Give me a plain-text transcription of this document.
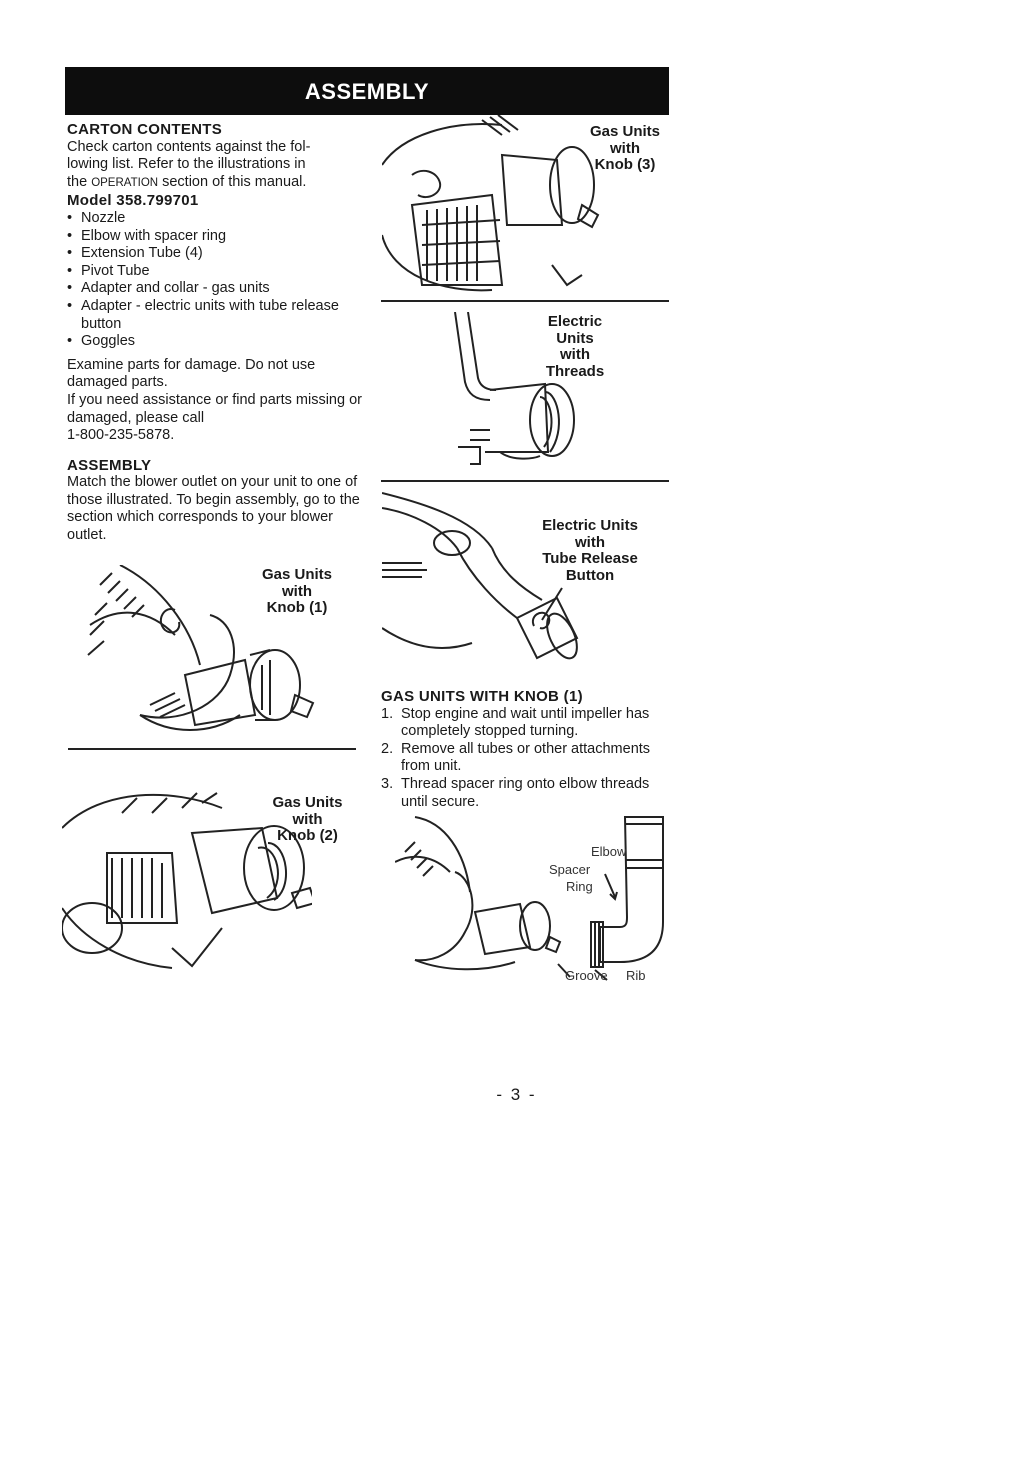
ASSEMBLY
CARTON CONTENTS
Check carton contents against the fol-
lowing list. Refer to the illustrations in
the OPERATION section of this manual.
Model 358.799701
• Nozzle
• Elbow with spacer ring
• Extension Tube (4)
• Pivot Tube
• Adapter and collar - gas units
• Adapter - electric units with tube release button
• Goggles
Examine parts for damage. Do not use damaged parts.
If you need assistance or find parts missing or damaged, please call
1-800-235-5878.
ASSEMBLY
Match the blower outlet on your unit to one of those illustrated. To begin assembly, go to the section which corresponds to your blower outlet.
Gas Units
with
Knob (1)
Gas Units
with
Knob (2)
Gas Units
with
Knob (3)
Electric
Units
with
Threads
Electric Units
with
Tube Release
Button
GAS UNITS WITH KNOB (1)
1. Stop engine and wait until impeller has completely stopped turning.
2. Remove all tubes or other attachments from unit.
3. Thread spacer ring onto elbow threads until secure.
Elbow
Spacer
Ring
Groove Rib
- 3 -
